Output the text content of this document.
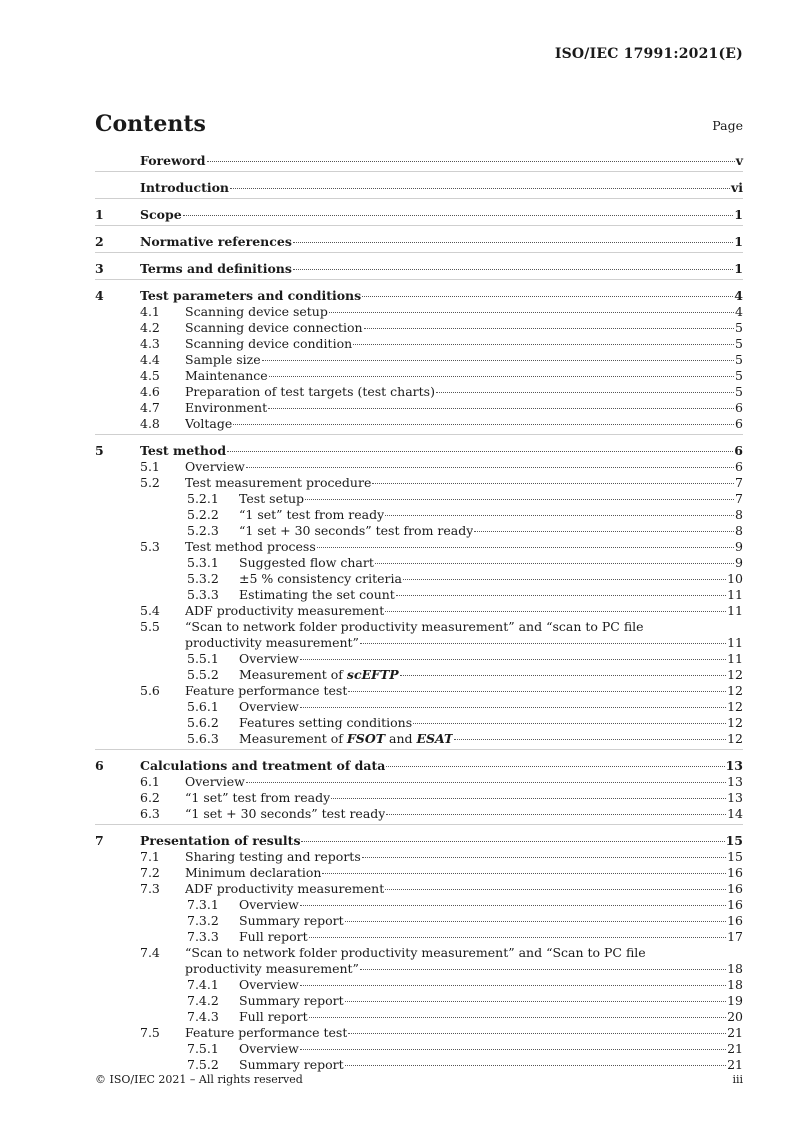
ISO/IEC 17991:2021(E)
Contents	Page
Foreword	v
Introduction	vi
1	Scope	1
2	Normative references	1
3	Terms and definitions	1
4	Test parameters and conditions	4
4.1	Scanning device setup	4
4.2	Scanning device connection	5
4.3	Scanning device condition	5
4.4	Sample size	5
4.5	Maintenance	5
4.6	Preparation of test targets (test charts)	5
4.7	Environment	6
4.8	Voltage	6
5	Test method	6
5.1	Overview	6
5.2	Test measurement procedure	7
5.2.1	Test setup	7
5.2.2	“1 set” test from ready	8
5.2.3	“1 set + 30 seconds” test from ready	8
5.3	Test method process	9
5.3.1	Suggested flow chart	9
5.3.2	±5 % consistency criteria	10
5.3.3	Estimating the set count	11
5.4	ADF productivity measurement	11
5.5	“Scan to network folder productivity measurement” and “scan to PC file
productivity measurement”	11
5.5.1	Overview	11
5.5.2	Measurement of scEFTP	12
5.6	Feature performance test	12
5.6.1	Overview	12
5.6.2	Features setting conditions	12
5.6.3	Measurement of FSOT and ESAT	12
6	Calculations and treatment of data	13
6.1	Overview	13
6.2	“1 set” test from ready	13
6.3	“1 set + 30 seconds” test ready	14
7	Presentation of results	15
7.1	Sharing testing and reports	15
7.2	Minimum declaration	16
7.3	ADF productivity measurement	16
7.3.1	Overview	16
7.3.2	Summary report	16
7.3.3	Full report	17
7.4	“Scan to network folder productivity measurement” and “Scan to PC file
productivity measurement”	18
7.4.1	Overview	18
7.4.2	Summary report	19
7.4.3	Full report	20
7.5	Feature performance test	21
7.5.1	Overview	21
7.5.2	Summary report	21
© ISO/IEC 2021 – All rights reserved	iii
